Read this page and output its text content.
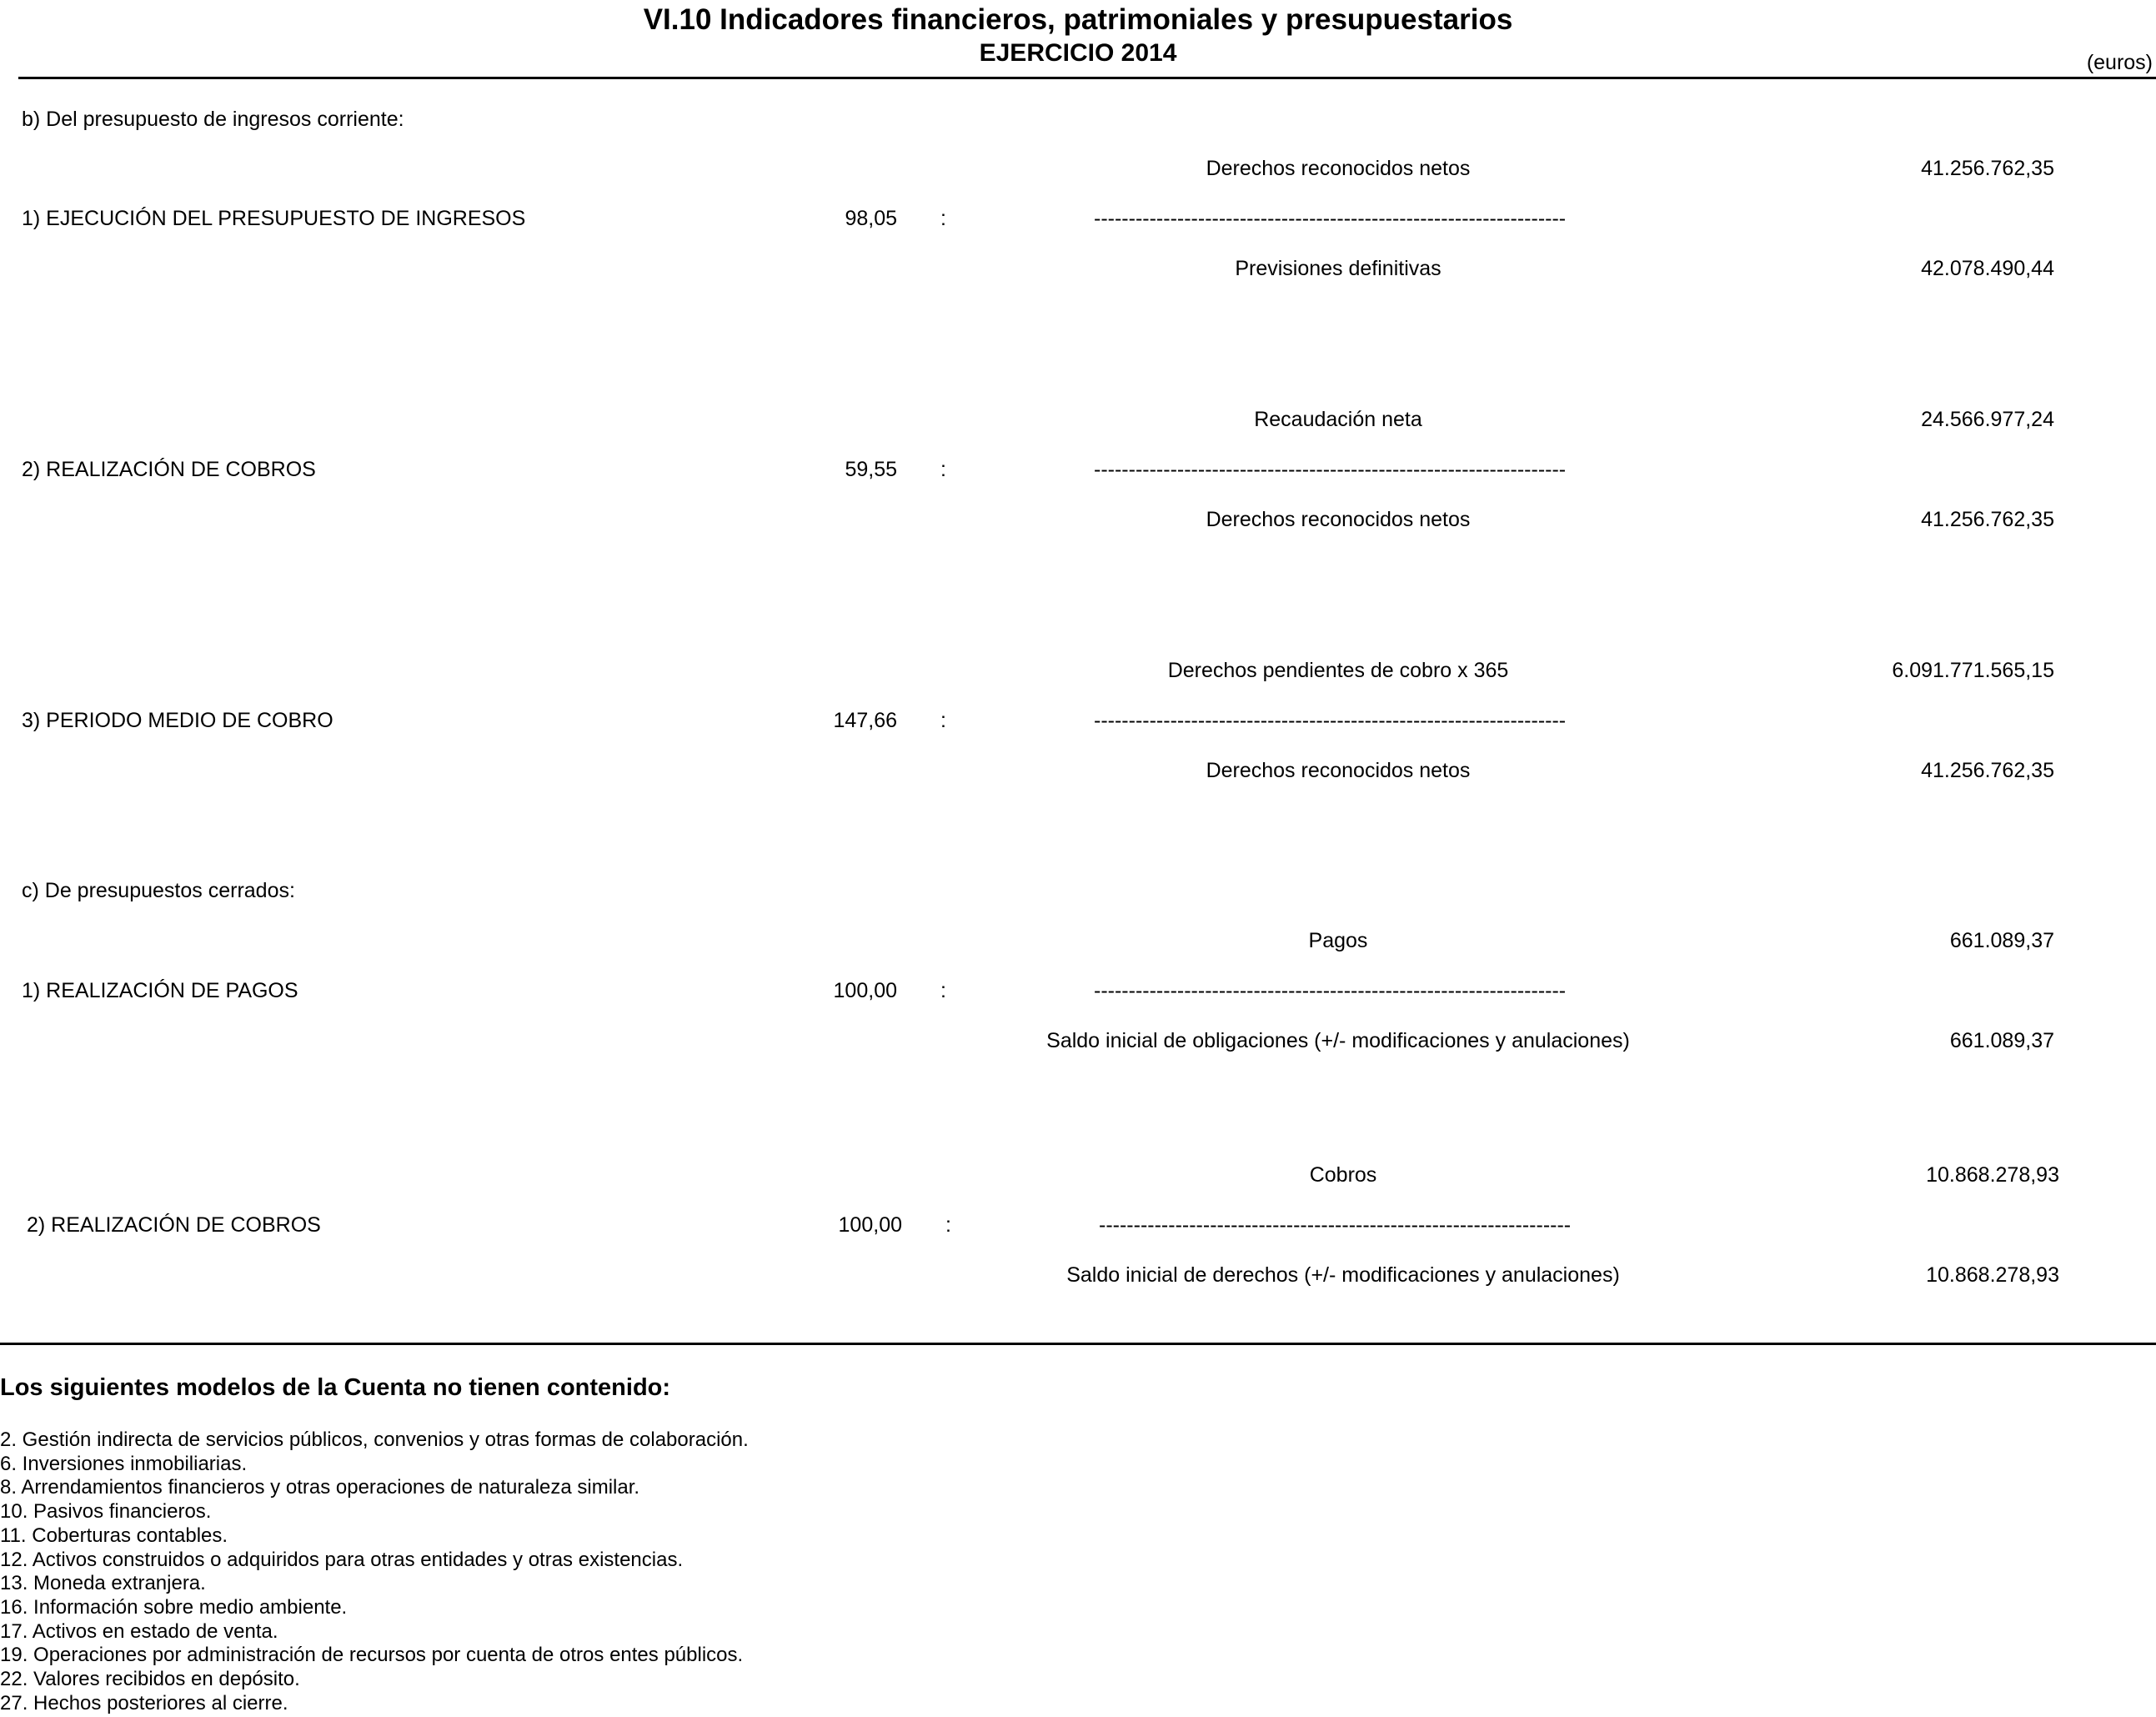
VI.10 Indicadores financieros, patrimoniales y presupuestarios
EJERCICIO 2014	(euros)
b) Del presupuesto de ingresos corriente:
Derechos reconocidos netos	41.256.762,35
1) EJECUCIÓN DEL PRESUPUESTO DE INGRESOS	98,05 :	--------------------------------------------------------------------
Previsiones definitivas	42.078.490,44
Recaudación neta	24.566.977,24
2) REALIZACIÓN DE COBROS	59,55 :	--------------------------------------------------------------------
Derechos reconocidos netos	41.256.762,35
Derechos pendientes de cobro x 365	6.091.771.565,15
3) PERIODO MEDIO DE COBRO	147,66 :	--------------------------------------------------------------------
Derechos reconocidos netos	41.256.762,35
c) De presupuestos cerrados:
Pagos	661.089,37
1) REALIZACIÓN DE PAGOS	100,00 :	--------------------------------------------------------------------
Saldo inicial de obligaciones (+/- modificaciones y anulaciones)	661.089,37
Cobros	10.868.278,93
2) REALIZACIÓN DE COBROS	100,00 :	--------------------------------------------------------------------
Saldo inicial de derechos (+/- modificaciones y anulaciones)	10.868.278,93
Los siguientes modelos de la Cuenta no tienen contenido:
2. Gestión indirecta de servicios públicos, convenios y otras formas de colaboración.
6. Inversiones inmobiliarias.
8. Arrendamientos financieros y otras operaciones de naturaleza similar.
10. Pasivos financieros.
11. Coberturas contables.
12. Activos construidos o adquiridos para otras entidades y otras existencias.
13. Moneda extranjera.
16. Información sobre medio ambiente.
17. Activos en estado de venta.
19. Operaciones por administración de recursos por cuenta de otros entes públicos.
22. Valores recibidos en depósito.
27. Hechos posteriores al cierre.
